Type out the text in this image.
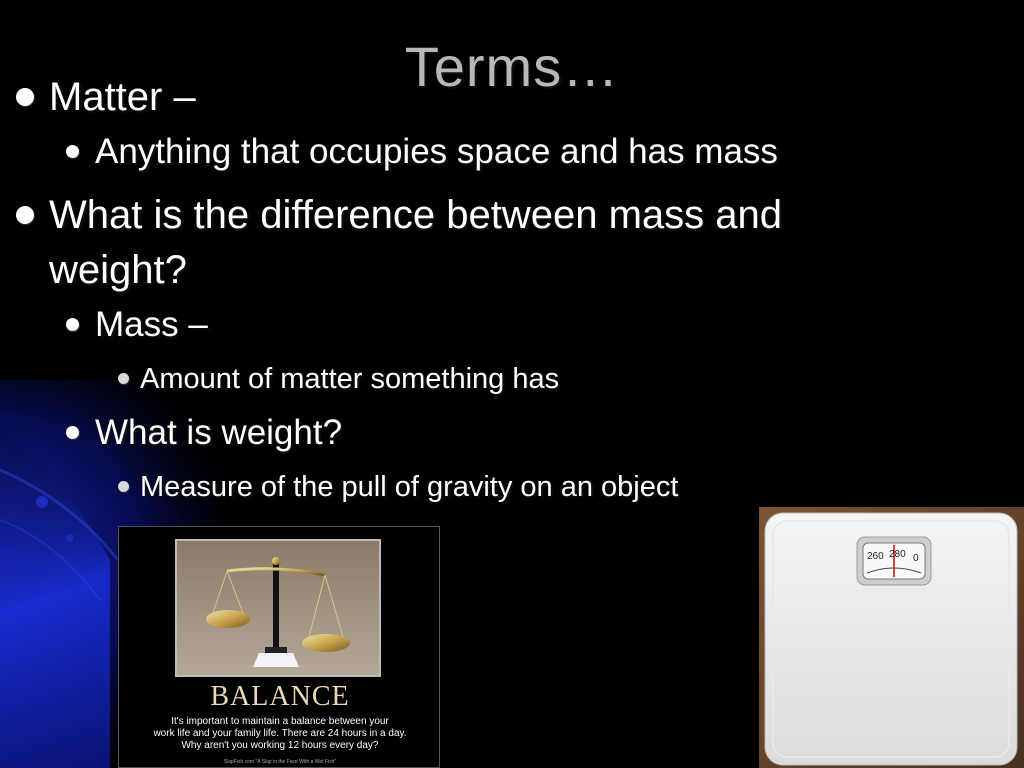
Terms…
Matter –
Anything that occupies space and has mass
What is the difference between mass and weight?
Mass –
Amount of matter something has
What is weight?
Measure of the pull of gravity on an object
BALANCE
It's important to maintain a balance between your
work life and your family life. There are 24 hours in a day.
Why aren't you working 12 hours every day?
SlapFish.com "A Slap in the Face With a Wet Fish"
260 280 0
